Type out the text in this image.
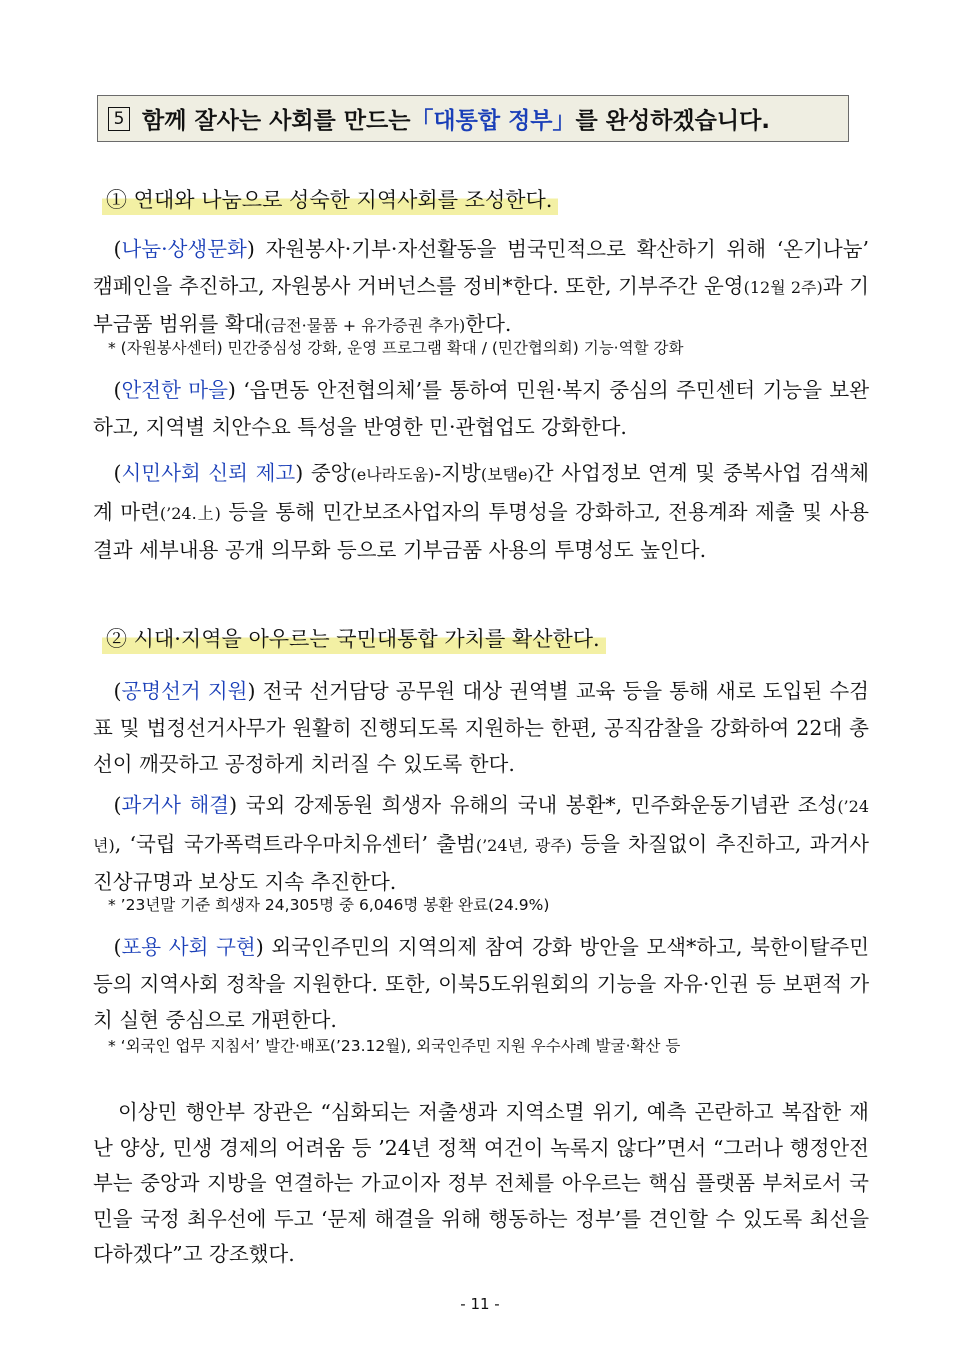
5 함께 잘사는 사회를 만드는 「대통합 정부」 를 완성하겠습니다.
① 연대와 나눔으로 성숙한 지역사회를 조성한다.
 (나눔·상생문화) 자원봉사·기부·자선활동을 범국민적으로 확산하기 위해 ‘온기나눔’ 캠페인을 추진하고, 자원봉사 거버넌스를 정비*한다. 또한, 기부주간 운영(12월 2주)과 기부금품 범위를 확대(금전·물품 + 유가증권 추가)한다.
* (자원봉사센터) 민간중심성 강화, 운영 프로그램 확대 / (민간협의회) 기능·역할 강화
 (안전한 마을) ‘읍면동 안전협의체’를 통하여 민원·복지 중심의 주민센터 기능을 보완하고, 지역별 치안수요 특성을 반영한 민·관협업도 강화한다.
 (시민사회 신뢰 제고) 중앙(e나라도움)-지방(보탬e)간 사업정보 연계 및 중복사업 검색체계 마련(’24.上) 등을 통해 민간보조사업자의 투명성을 강화하고, 전용계좌 제출 및 사용결과 세부내용 공개 의무화 등으로 기부금품 사용의 투명성도 높인다.
② 시대·지역을 아우르는 국민대통합 가치를 확산한다.
 (공명선거 지원) 전국 선거담당 공무원 대상 권역별 교육 등을 통해 새로 도입된 수검표 및 법정선거사무가 원활히 진행되도록 지원하는 한편, 공직감찰을 강화하여 22대 총선이 깨끗하고 공정하게 치러질 수 있도록 한다.
 (과거사 해결) 국외 강제동원 희생자 유해의 국내 봉환*, 민주화운동기념관 조성(’24년), ‘국립 국가폭력트라우마치유센터’ 출범(’24년, 광주) 등을 차질없이 추진하고, 과거사 진상규명과 보상도 지속 추진한다.
* ’23년말 기준 희생자 24,305명 중 6,046명 봉환 완료(24.9%)
 (포용 사회 구현) 외국인주민의 지역의제 참여 강화 방안을 모색*하고, 북한이탈주민 등의 지역사회 정착을 지원한다. 또한, 이북5도위원회의 기능을 자유·인권 등 보편적 가치 실현 중심으로 개편한다.
* ‘외국인 업무 지침서’ 발간·배포(’23.12월), 외국인주민 지원 우수사례 발굴·확산 등
이상민 행안부 장관은 “심화되는 저출생과 지역소멸 위기, 예측 곤란하고 복잡한 재난 양상, 민생 경제의 어려움 등 ’24년 정책 여건이 녹록지 않다”면서 “그러나 행정안전부는 중앙과 지방을 연결하는 가교이자 정부 전체를 아우르는 핵심 플랫폼 부처로서 국민을 국정 최우선에 두고 ‘문제 해결을 위해 행동하는 정부’를 견인할 수 있도록 최선을 다하겠다”고 강조했다.
- 11 -
